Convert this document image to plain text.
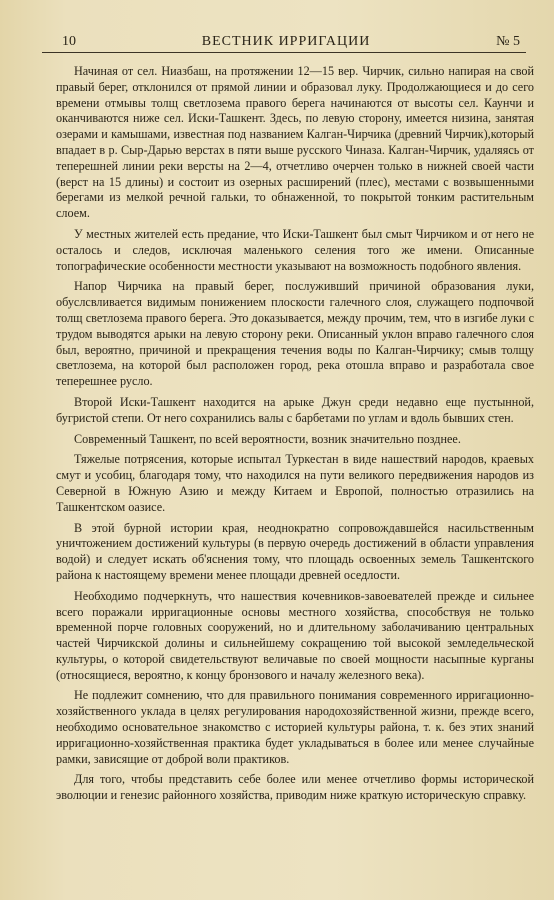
10	ВЕСТНИК ИРРИГАЦИИ	№ 5

Начиная от сел. Ниазбаш, на протяжении 12—15 вер. Чирчик, сильно напирая на свой правый берег, отклонился от прямой линии и образовал луку. Продолжающиеся и до сего времени отмывы толщ светлозема правого берега начинаются от высоты сел. Каунчи и оканчиваются ниже сел. Иски-Ташкент. Здесь, по левую сторону, имеется низина, занятая озерами и камышами, известная под названием Калган-Чирчика (древний Чирчик),который впадает в р. Сыр-Дарью верстах в пяти выше русского Чиназа. Калган-Чирчик, удаляясь от теперешней линии реки версты на 2—4, отчетливо очерчен только в нижней своей части (верст на 15 длины) и состоит из озерных расширений (плес), местами с возвышенными берегами из мелкой речной гальки, то обнаженной, то покрытой тонким растительным слоем.

У местных жителей есть предание, что Иски-Ташкент был смыт Чирчиком и от него не осталось и следов, исключая маленького селения того же имени. Описанные топографические особенности местности указывают на возможность подобного явления.

Напор Чирчика на правый берег, послуживший причиной образования луки, обуслсвливается видимым понижением плоскости галечного слоя, служащего подпочвой толщ светлозема правого берега. Это доказывается, между прочим, тем, что в изгибе луки с трудом выводятся арыки на левую сторону реки. Описанный уклон вправо галечного слоя был, вероятно, причиной и прекращения течения воды по Калган-Чирчику; смыв толщу светлозема, на которой был расположен город, река отошла вправо и разработала свое теперешнее русло.

Второй Иски-Ташкент находится на арыке Джун среди недавно еще пустынной, бугристой степи. От него сохранились валы с барбетами по углам и вдоль бывших стен.

Современный Ташкент, по всей вероятности, возник значительно позднее.

Тяжелые потрясения, которые испытал Туркестан в виде нашествий народов, краевых смут и усобиц, благодаря тому, что находился на пути великого передвижения народов из Северной в Южную Азию и между Китаем и Европой, полностью отразились на Ташкентском оазисе.

В этой бурной истории края, неоднократно сопровождавшейся насильственным уничтожением достижений культуры (в первую очередь достижений в области управления водой) и следует искать об'яснения тому, что площадь освоенных земель Ташкентского района к настоящему времени менее площади древней оседлости.

Необходимо подчеркнуть, что нашествия кочевников-завоевателей прежде и сильнее всего поражали ирригационные основы местного хозяйства, способствуя не только временной порче головных сооружений, но и длительному заболачиванию центральных частей Чирчикской долины и сильнейшему сокращению той высокой земледельческой культуры, о которой свидетельствуют величавые по своей мощности насыпные курганы (относящиеся, вероятно, к концу бронзового и началу железного века).

Не подлежит сомнению, что для правильного понимания современного ирригационно-хозяйственного уклада в целях регулирования народохозяйственной жизни, прежде всего, необходимо основательное знакомство с историей культуры района, т. к. без этих знаний ирригационно-хозяйственная практика будет укладываться в более или менее случайные рамки, зависящие от доброй воли практиков.

Для того, чтобы представить себе более или менее отчетливо формы исторической эволюции и генезис районного хозяйства, приводим ниже краткую историческую справку.
